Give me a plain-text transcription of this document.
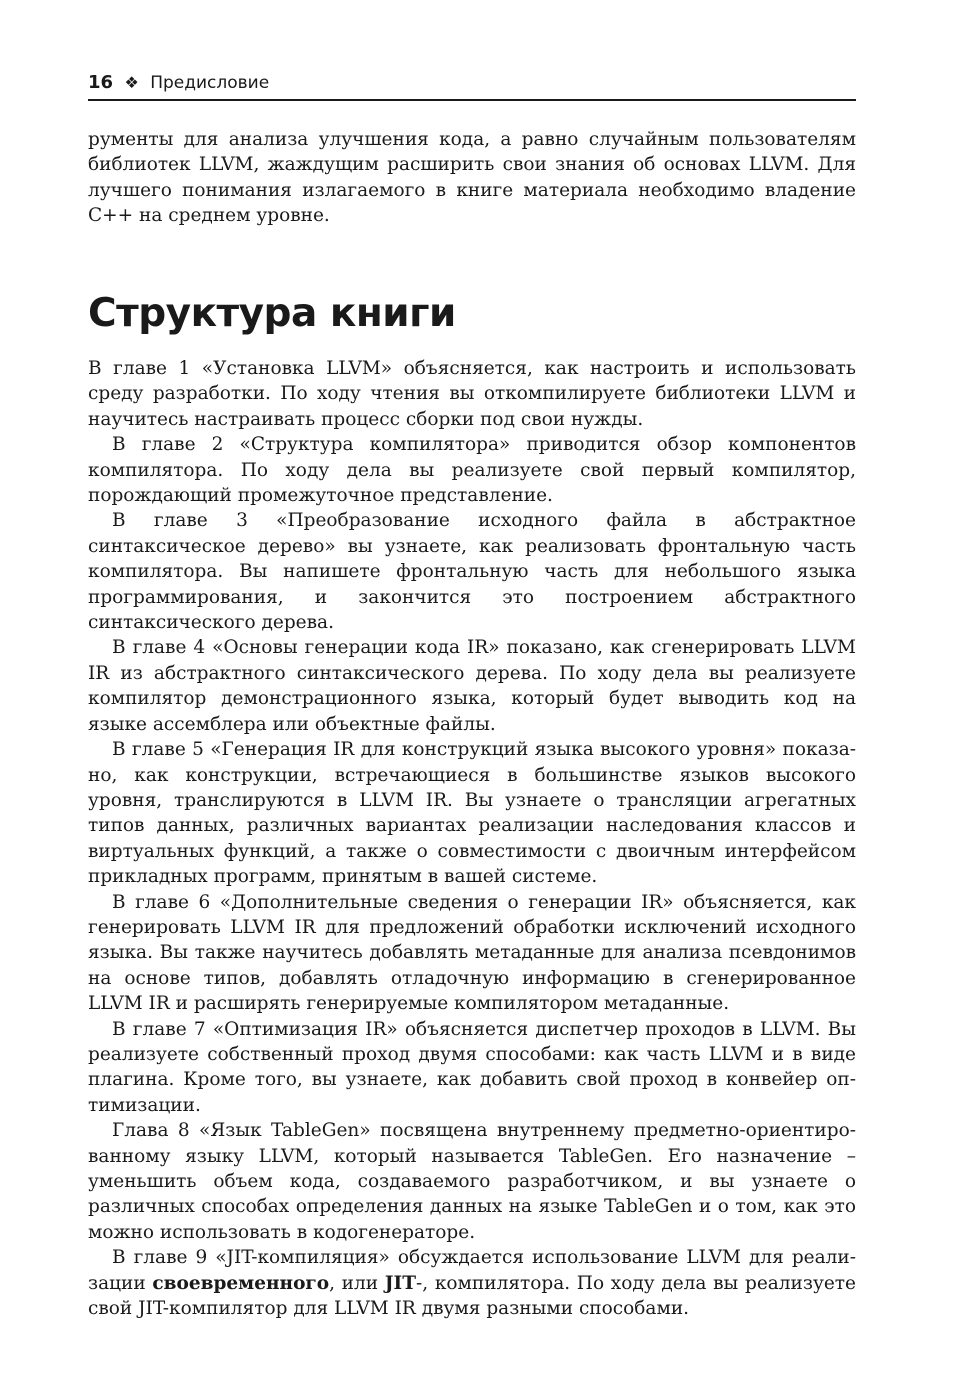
16 ❖ Предисловие

рументы для анализа улучшения кода, а равно случайным пользователям библиотек LLVM, жаждущим расширить свои знания об основах LLVM. Для лучшего понимания излагаемого в книге материала необходимо владение C++ на среднем уровне.

Структура книги

В главе 1 «Установка LLVM» объясняется, как настроить и использовать среду разработки. По ходу чтения вы откомпилируете библиотеки LLVM и научитесь настраивать процесс сборки под свои нужды.

В главе 2 «Структура компилятора» приводится обзор компонентов компилятора. По ходу дела вы реализуете свой первый компилятор, порождающий промежуточное представление.

В главе 3 «Преобразование исходного файла в абстрактное синтаксическое дерево» вы узнаете, как реализовать фронтальную часть компилятора. Вы напишете фронтальную часть для небольшого языка программирования, и закончится это построением абстрактного синтаксического дерева.

В главе 4 «Основы генерации кода IR» показано, как сгенерировать LLVM IR из абстрактного синтаксического дерева. По ходу дела вы реализуете компилятор демонстрационного языка, который будет выводить код на языке ассемблера или объектные файлы.

В главе 5 «Генерация IR для конструкций языка высокого уровня» показано, как конструкции, встречающиеся в большинстве языков высокого уровня, транслируются в LLVM IR. Вы узнаете о трансляции агрегатных типов данных, различных вариантах реализации наследования классов и виртуальных функций, а также о совместимости с двоичным интерфейсом прикладных программ, принятым в вашей системе.

В главе 6 «Дополнительные сведения о генерации IR» объясняется, как генерировать LLVM IR для предложений обработки исключений исходного языка. Вы также научитесь добавлять метаданные для анализа псевдонимов на основе типов, добавлять отладочную информацию в сгенерированное LLVM IR и расширять генерируемые компилятором метаданные.

В главе 7 «Оптимизация IR» объясняется диспетчер проходов в LLVM. Вы реализуете собственный проход двумя способами: как часть LLVM и в виде плагина. Кроме того, вы узнаете, как добавить свой проход в конвейер оптимизации.

Глава 8 «Язык TableGen» посвящена внутреннему предметно-ориентированному языку LLVM, который называется TableGen. Его назначение – уменьшить объем кода, создаваемого разработчиком, и вы узнаете о различных способах определения данных на языке TableGen и о том, как это можно использовать в кодогенераторе.

В главе 9 «JIT-компиляция» обсуждается использование LLVM для реализации своевременного, или JIT-, компилятора. По ходу дела вы реализуете свой JIT-компилятор для LLVM IR двумя разными способами.
